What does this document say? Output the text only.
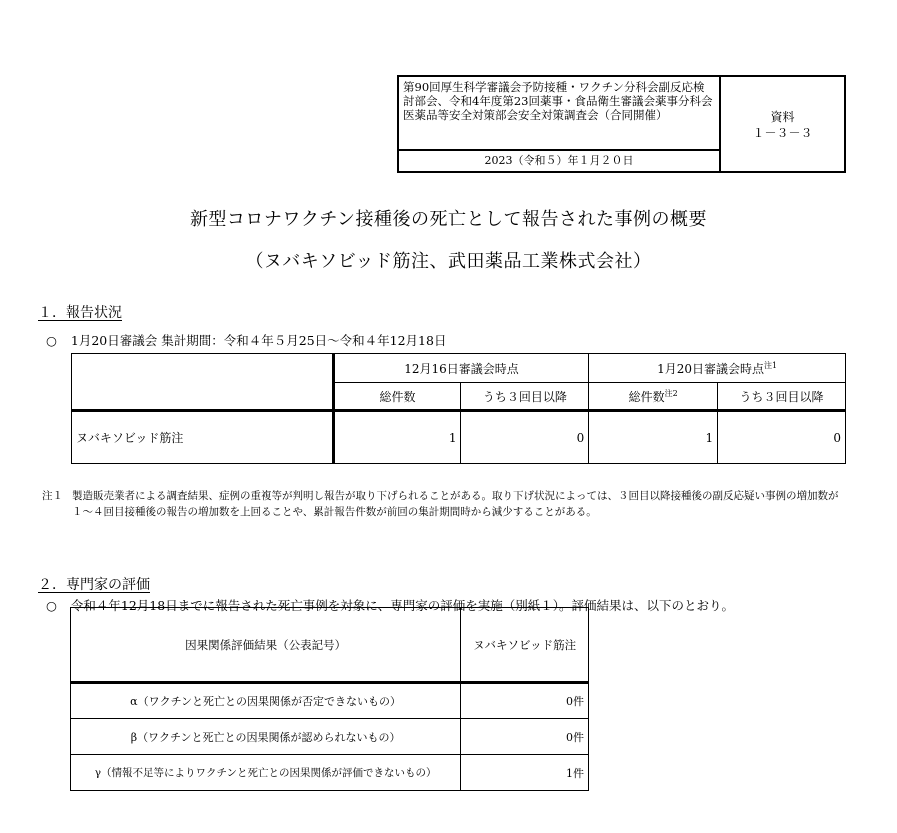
第90回厚生科学審議会予防接種・ワクチン分科会副反応検討部会、令和4年度第23回薬事・食品衛生審議会薬事分科会医薬品等安全対策部会安全対策調査会（合同開催）
2023（令和５）年１月２０日
資料
１－３－３
新型コロナワクチン接種後の死亡として報告された事例の概要
（ヌバキソビッド筋注、武田薬品工業株式会社）
１．報告状況
○ 1月20日審議会 集計期間：令和４年５月25日～令和４年12月18日
	12月16日審議会時点		1月20日審議会時点$^{注1}$
	総件数	うち３回目以降	総件数$^{注2}$	うち３回目以降
ヌバキソビッド筋注	1	0	1	0
注１ 製造販売業者による調査結果、症例の重複等が判明し報告が取り下げられることがある。取り下げ状況によっては、３回目以降接種後の副反応疑い事例の増加数が１～４回目接種後の報告の増加数を上回ることや、累計報告件数が前回の集計期間時から減少することがある。
２．専門家の評価
○ 令和４年12月18日までに報告された死亡事例を対象に、専門家の評価を実施（別紙１）。評価結果は、以下のとおり。
因果関係評価結果（公表記号）	ヌバキソビッド筋注
α（ワクチンと死亡との因果関係が否定できないもの）	0件
β（ワクチンと死亡との因果関係が認められないもの）	0件
γ（情報不足等によりワクチンと死亡との因果関係が評価できないもの）	1件
